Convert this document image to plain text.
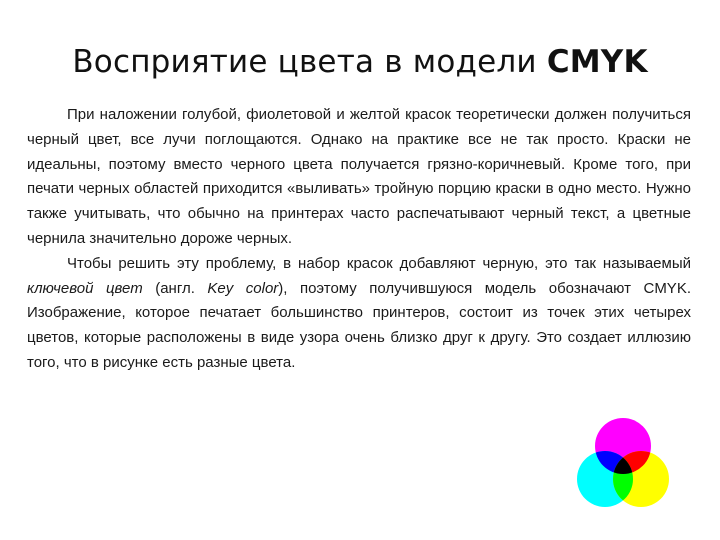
Восприятие цвета в модели CMYK

При наложении голубой, фиолетовой и желтой красок теоретически должен получиться черный цвет, все лучи поглощаются. Однако на практике все не так просто. Краски не идеальны, поэтому вместо черного цвета получается грязно-коричневый. Кроме того, при печати черных областей приходится «выливать» тройную порцию краски в одно место. Нужно также учитывать, что обычно на принтерах часто распечатывают черный текст, а цветные чернила значительно дороже черных.

Чтобы решить эту проблему, в набор красок добавляют черную, это так называемый ключевой цвет (англ. Key color), поэтому получившуюся модель обозначают CMYK. Изображение, которое печатает большинство принтеров, состоит из точек этих четырех цветов, которые расположены в виде узора очень близко друг к другу. Это создает иллюзию того, что в рисунке есть разные цвета.
